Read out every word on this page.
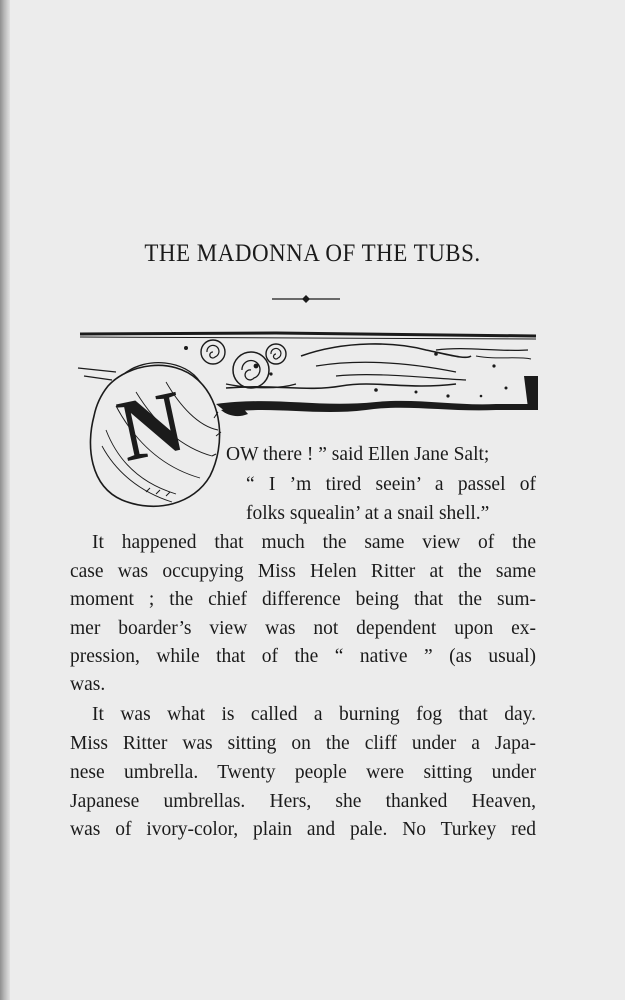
THE MADONNA OF THE TUBS.
N OW there ! ” said Ellen Jane Salt;
“ I ’m tired seein’ a passel of
folks squealin’ at a snail shell.”
It happened that much the same view of the
case was occupying Miss Helen Ritter at the same
moment ; the chief difference being that the sum-
mer boarder’s view was not dependent upon ex-
pression, while that of the “ native ” (as usual)
was.
It was what is called a burning fog that day.
Miss Ritter was sitting on the cliff under a Japa-
nese umbrella. Twenty people were sitting under
Japanese umbrellas. Hers, she thanked Heaven,
was of ivory-color, plain and pale. No Turkey red
